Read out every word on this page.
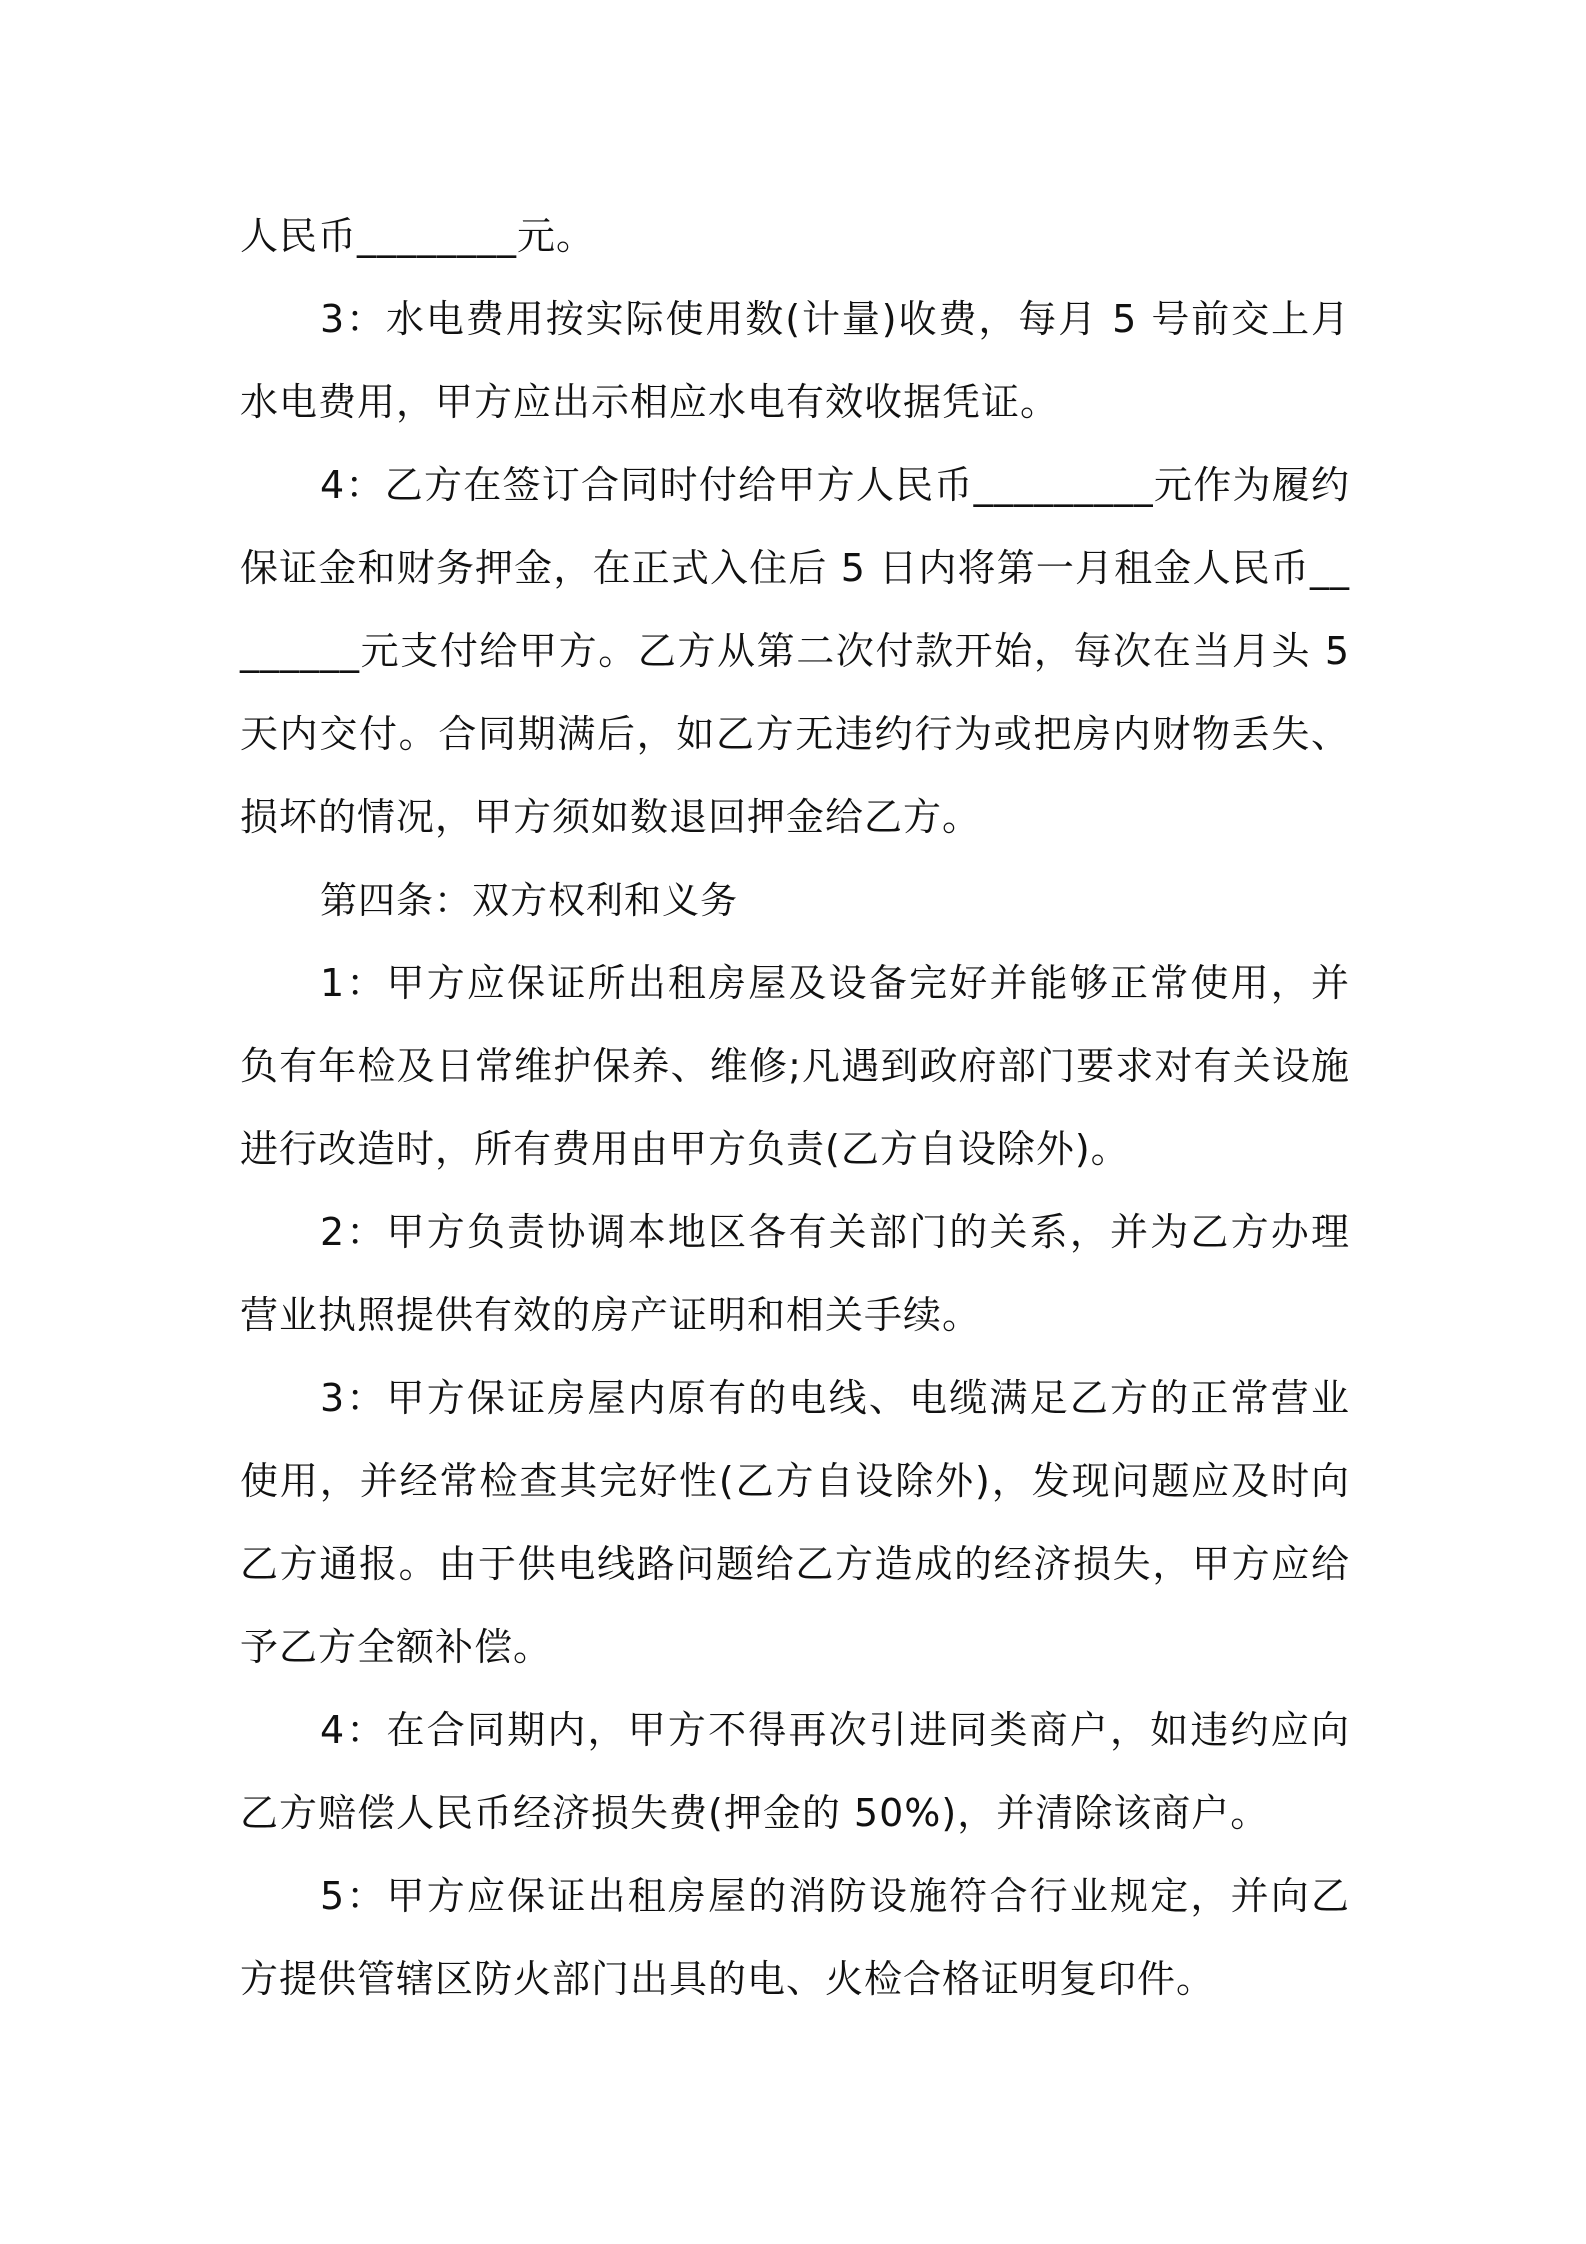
人民币________元。

3：水电费用按实际使用数(计量)收费，每月 5 号前交上月水电费用，甲方应出示相应水电有效收据凭证。

4：乙方在签订合同时付给甲方人民币_________元作为履约保证金和财务押金，在正式入住后 5 日内将第一月租金人民币________元支付给甲方。乙方从第二次付款开始，每次在当月头 5 天内交付。合同期满后，如乙方无违约行为或把房内财物丢失、损坏的情况，甲方须如数退回押金给乙方。

第四条：双方权利和义务

1：甲方应保证所出租房屋及设备完好并能够正常使用，并负有年检及日常维护保养、维修;凡遇到政府部门要求对有关设施进行改造时，所有费用由甲方负责(乙方自设除外)。

2：甲方负责协调本地区各有关部门的关系，并为乙方办理营业执照提供有效的房产证明和相关手续。

3：甲方保证房屋内原有的电线、电缆满足乙方的正常营业使用，并经常检查其完好性(乙方自设除外)，发现问题应及时向乙方通报。由于供电线路问题给乙方造成的经济损失，甲方应给予乙方全额补偿。

4：在合同期内，甲方不得再次引进同类商户，如违约应向乙方赔偿人民币经济损失费(押金的 50%)，并清除该商户。

5：甲方应保证出租房屋的消防设施符合行业规定，并向乙方提供管辖区防火部门出具的电、火检合格证明复印件。
